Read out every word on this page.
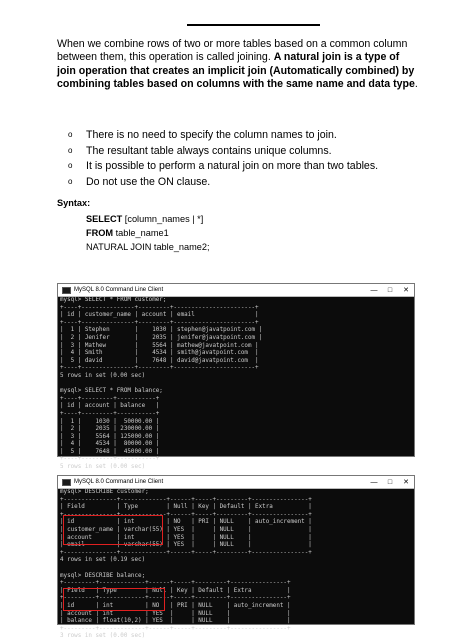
When we combine rows of two or more tables based on a common column between them, this operation is called joining. A natural join is a type of join operation that creates an implicit join (Automatically combined) by combining tables based on columns with the same name and data type.
o There is no need to specify the column names to join.
o The resultant table always contains unique columns.
o It is possible to perform a natural join on more than two tables.
o Do not use the ON clause.
Syntax:
SELECT [column_names | *]
FROM table_name1
NATURAL JOIN table_name2;
MySQL 8.0 Command Line Client	—	□	✕
mysql> SELECT * FROM customer;
+----+---------------+---------+-----------------------+
| id | customer_name | account | email                 |
+----+---------------+---------+-----------------------+
|  1 | Stephen       |    1030 | stephen@javatpoint.com |
|  2 | Jenifer       |    2035 | jenifer@javatpoint.com |
|  3 | Mathew        |    5564 | mathew@javatpoint.com |
|  4 | Smith         |    4534 | smith@javatpoint.com  |
|  5 | david         |    7648 | david@javatpoint.com  |
+----+---------------+---------+-----------------------+
5 rows in set (0.00 sec)

mysql> SELECT * FROM balance;
+----+---------+-----------+
| id | account | balance   |
+----+---------+-----------+
|  1 |    1030 |  50000.00 |
|  2 |    2035 | 230000.00 |
|  3 |    5564 | 125000.00 |
|  4 |    4534 |  80000.00 |
|  5 |    7648 |  45000.00 |
+----+---------+-----------+
5 rows in set (0.00 sec)
MySQL 8.0 Command Line Client	—	□	✕
mysql> DESCRIBE customer;
+---------------+-------------+------+-----+---------+----------------+
| Field         | Type        | Null | Key | Default | Extra          |
+---------------+-------------+------+-----+---------+----------------+
| id            | int         | NO   | PRI | NULL    | auto_increment |
| customer_name | varchar(55) | YES  |     | NULL    |                |
| account       | int         | YES  |     | NULL    |                |
| email         | varchar(55) | YES  |     | NULL    |                |
+---------------+-------------+------+-----+---------+----------------+
4 rows in set (0.19 sec)

mysql> DESCRIBE balance;
+---------+-------------+------+-----+---------+----------------+
| Field   | Type        | Null | Key | Default | Extra          |
+---------+-------------+------+-----+---------+----------------+
| id      | int         | NO   | PRI | NULL    | auto_increment |
| account | int         | YES  |     | NULL    |                |
| balance | float(10,2) | YES  |     | NULL    |                |
+---------+-------------+------+-----+---------+----------------+
3 rows in set (0.00 sec)
